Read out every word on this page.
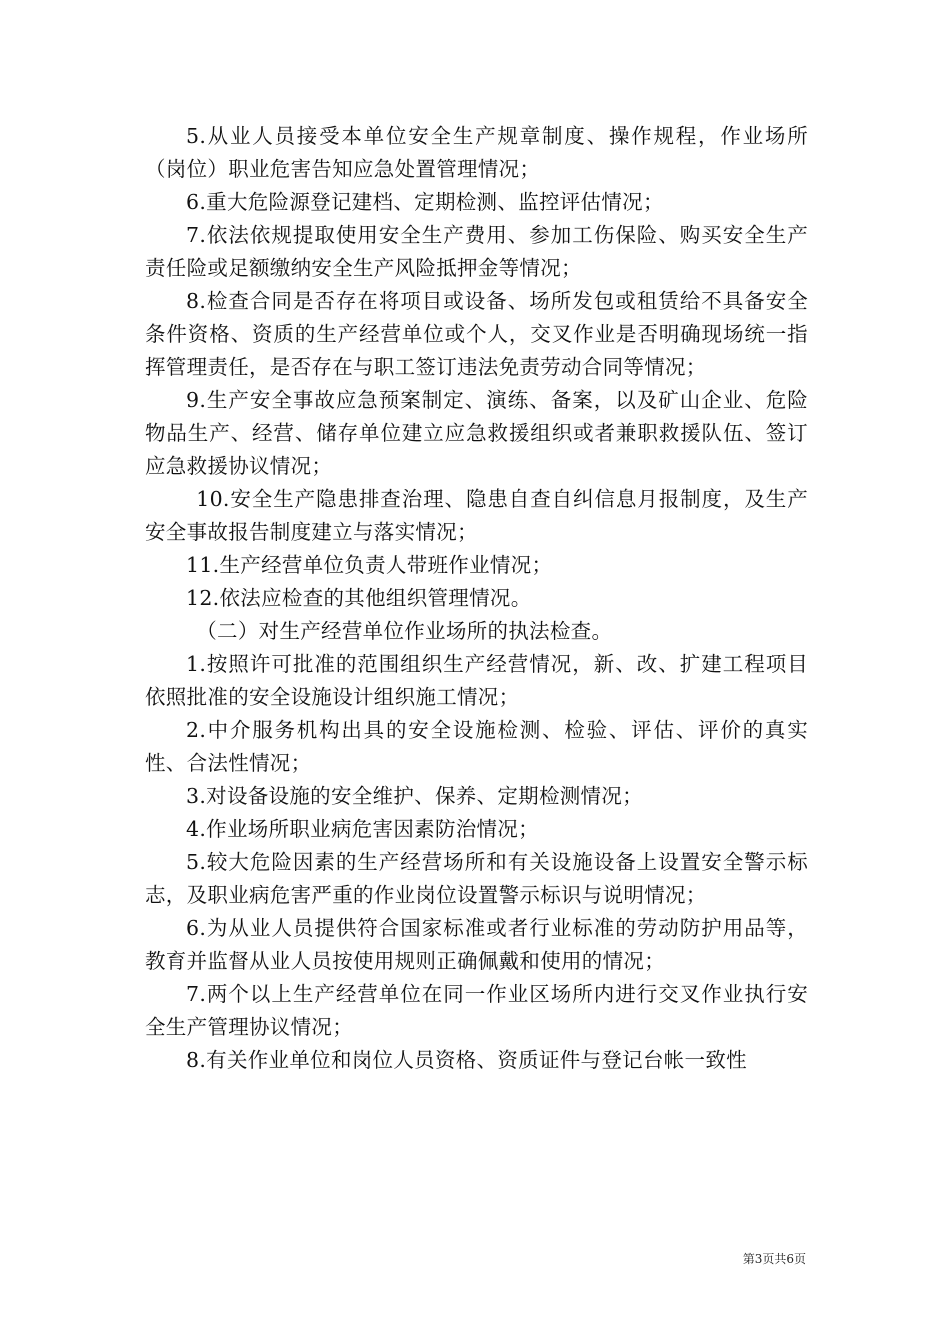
5.从业人员接受本单位安全生产规章制度、操作规程，作业场所（岗位）职业危害告知应急处置管理情况；

6.重大危险源登记建档、定期检测、监控评估情况；

7.依法依规提取使用安全生产费用、参加工伤保险、购买安全生产责任险或足额缴纳安全生产风险抵押金等情况；

8.检查合同是否存在将项目或设备、场所发包或租赁给不具备安全条件资格、资质的生产经营单位或个人，交叉作业是否明确现场统一指挥管理责任，是否存在与职工签订违法免责劳动合同等情况；

9.生产安全事故应急预案制定、演练、备案，以及矿山企业、危险物品生产、经营、储存单位建立应急救援组织或者兼职救援队伍、签订应急救援协议情况；

10.安全生产隐患排查治理、隐患自查自纠信息月报制度，及生产安全事故报告制度建立与落实情况；

11.生产经营单位负责人带班作业情况；

12.依法应检查的其他组织管理情况。

（二）对生产经营单位作业场所的执法检查。

1.按照许可批准的范围组织生产经营情况，新、改、扩建工程项目依照批准的安全设施设计组织施工情况；

2.中介服务机构出具的安全设施检测、检验、评估、评价的真实性、合法性情况；

3.对设备设施的安全维护、保养、定期检测情况；

4.作业场所职业病危害因素防治情况；

5.较大危险因素的生产经营场所和有关设施设备上设置安全警示标志，及职业病危害严重的作业岗位设置警示标识与说明情况；

6.为从业人员提供符合国家标准或者行业标准的劳动防护用品等，教育并监督从业人员按使用规则正确佩戴和使用的情况；

7.两个以上生产经营单位在同一作业区场所内进行交叉作业执行安全生产管理协议情况；

8.有关作业单位和岗位人员资格、资质证件与登记台帐一致性

第3页共6页
